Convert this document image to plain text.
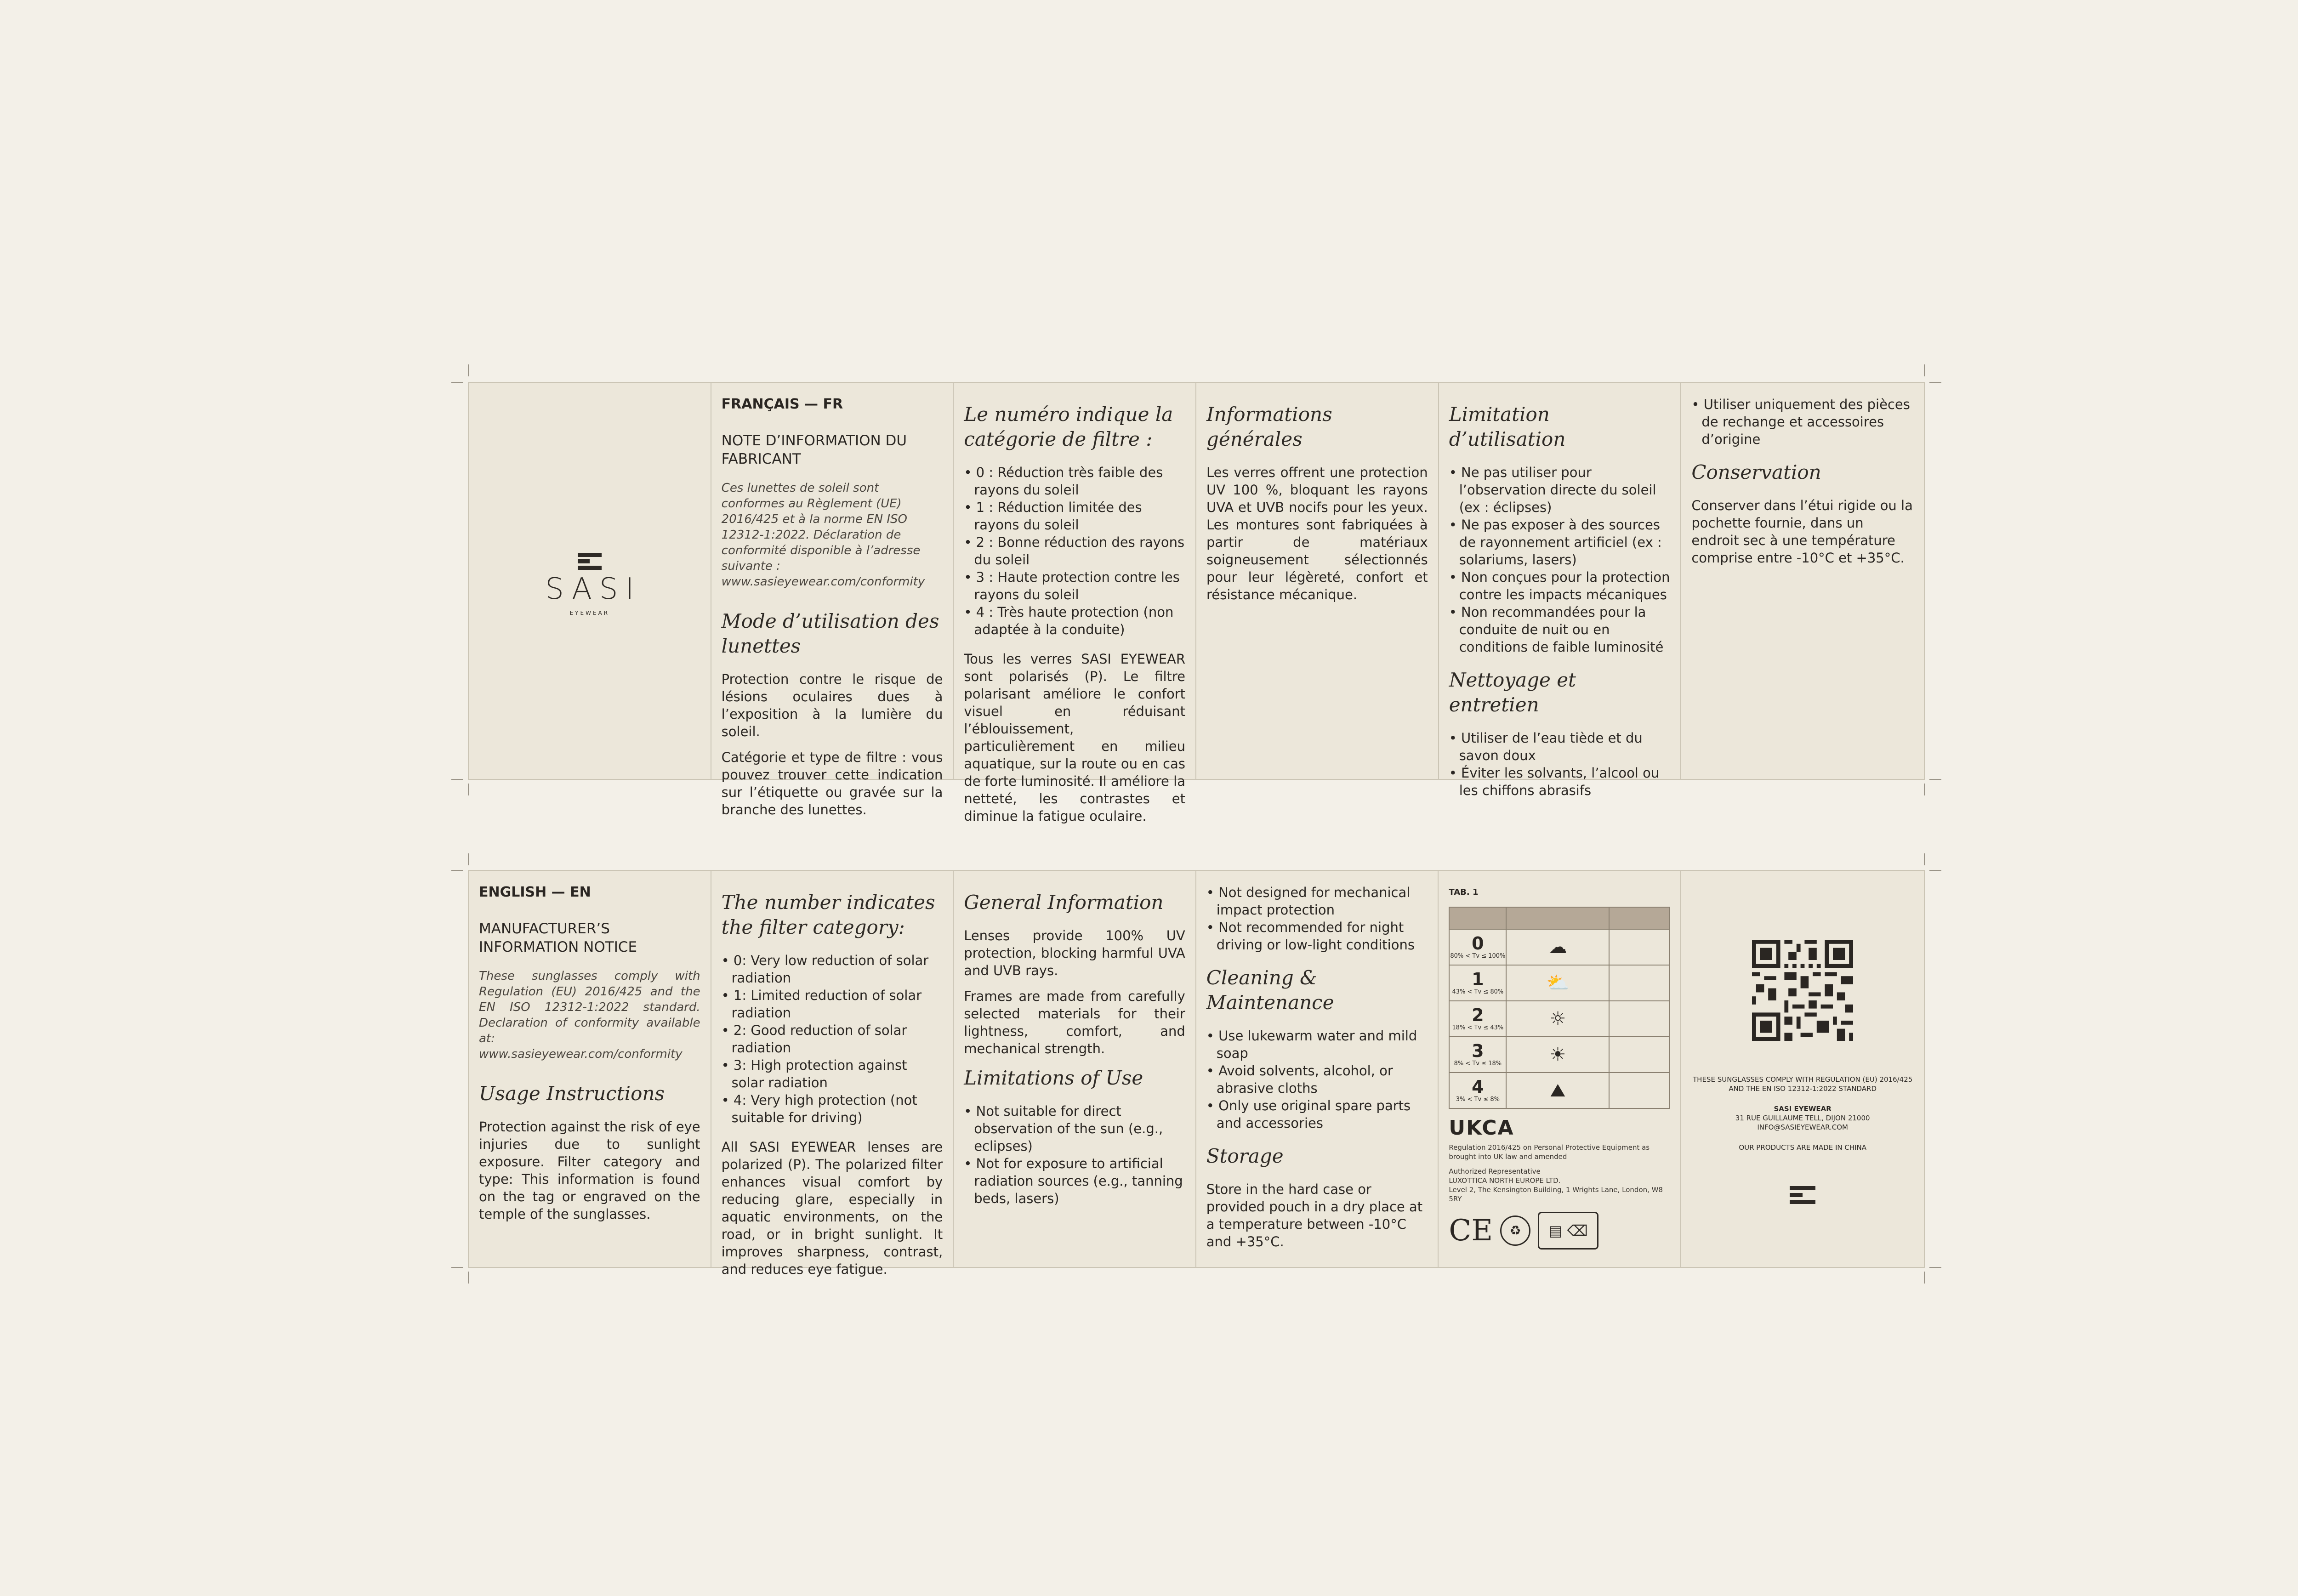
SASI
EYEWEAR
FRANÇAIS — FR
NOTE D’INFORMATION DU FABRICANT

Ces lunettes de soleil sont conformes au Règlement (UE) 2016/425 et à la norme EN ISO 12312-1:2022. Déclaration de conformité disponible à l’adresse suivante : www.sasieyewear.com/conformity

Mode d’utilisation des lunettes

Protection contre le risque de lésions oculaires dues à l’exposition à la lumière du soleil.

Catégorie et type de filtre : vous pouvez trouver cette indication sur l’étiquette ou gravée sur la branche des lunettes.

Le numéro indique la catégorie de filtre :
• 0 : Réduction très faible des rayons du soleil
• 1 : Réduction limitée des rayons du soleil
• 2 : Bonne réduction des rayons du soleil
• 3 : Haute protection contre les rayons du soleil
• 4 : Très haute protection (non adaptée à la conduite)

Tous les verres SASI EYEWEAR sont polarisés (P). Le filtre polarisant améliore le confort visuel en réduisant l’éblouissement, particulièrement en milieu aquatique, sur la route ou en cas de forte luminosité. Il améliore la netteté, les contrastes et diminue la fatigue oculaire.

Informations générales

Les verres offrent une protection UV 100 %, bloquant les rayons UVA et UVB nocifs pour les yeux. Les montures sont fabriquées à partir de matériaux soigneusement sélectionnés pour leur légèreté, confort et résistance mécanique.

Limitation d’utilisation
• Ne pas utiliser pour l’observation directe du soleil (ex : éclipses)
• Ne pas exposer à des sources de rayonnement artificiel (ex : solariums, lasers)
• Non conçues pour la protection contre les impacts mécaniques
• Non recommandées pour la conduite de nuit ou en conditions de faible luminosité
Nettoyage et entretien
• Utiliser de l’eau tiède et du savon doux
• Éviter les solvants, l’alcool ou les chiffons abrasifs
• Utiliser uniquement des pièces de rechange et accessoires d’origine
Conservation

Conserver dans l’étui rigide ou la pochette fournie, dans un endroit sec à une température comprise entre -10°C et +35°C.

ENGLISH — EN
MANUFACTURER’S INFORMATION NOTICE

These sunglasses comply with Regulation (EU) 2016/425 and the EN ISO 12312-1:2022 standard. Declaration of conformity available at: www.sasieyewear.com/conformity

Usage Instructions

Protection against the risk of eye injuries due to sunlight exposure. Filter category and type: This information is found on the tag or engraved on the temple of the sunglasses.

The number indicates the filter category:
• 0: Very low reduction of solar radiation
• 1: Limited reduction of solar radiation
• 2: Good reduction of solar radiation
• 3: High protection against solar radiation
• 4: Very high protection (not suitable for driving)

All SASI EYEWEAR lenses are polarized (P). The polarized filter enhances visual comfort by reducing glare, especially in aquatic environments, on the road, or in bright sunlight. It improves sharpness, contrast, and reduces eye fatigue.

General Information

Lenses provide 100% UV protection, blocking harmful UVA and UVB rays.

Frames are made from carefully selected materials for their lightness, comfort, and mechanical strength.

Limitations of Use
• Not suitable for direct observation of the sun (e.g., eclipses)
• Not for exposure to artificial radiation sources (e.g., tanning beds, lasers)
• Not designed for mechanical impact protection
• Not recommended for night driving or low-light conditions
Cleaning & Maintenance
• Use lukewarm water and mild soap
• Avoid solvents, alcohol, or abrasive cloths
• Only use original spare parts and accessories
Storage

Store in the hard case or provided pouch in a dry place at a temperature between -10°C and +35°C.

TAB. 1

0
80% < Tv ≤ 100%	☁	

1
43% < Tv ≤ 80%	⛅	

2
18% < Tv ≤ 43%	☼	

3
8% < Tv ≤ 18%	☀	

4
3% < Tv ≤ 8%	⛰	
UKCA

Regulation 2016/425 on Personal Protective Equipment as brought into UK law and amended

Authorized Representative

LUXOTTICA NORTH EUROPE LTD.

Level 2, The Kensington Building, 1 Wrights Lane, London, W8 5RY

CE	♻	▤ ⌫

THESE SUNGLASSES COMPLY WITH REGULATION (EU) 2016/425 AND THE EN ISO 12312-1:2022 STANDARD

SASI EYEWEAR
31 RUE GUILLAUME TELL, DIJON 21000
INFO@SASIEYEWEAR.COM

OUR PRODUCTS ARE MADE IN CHINA
